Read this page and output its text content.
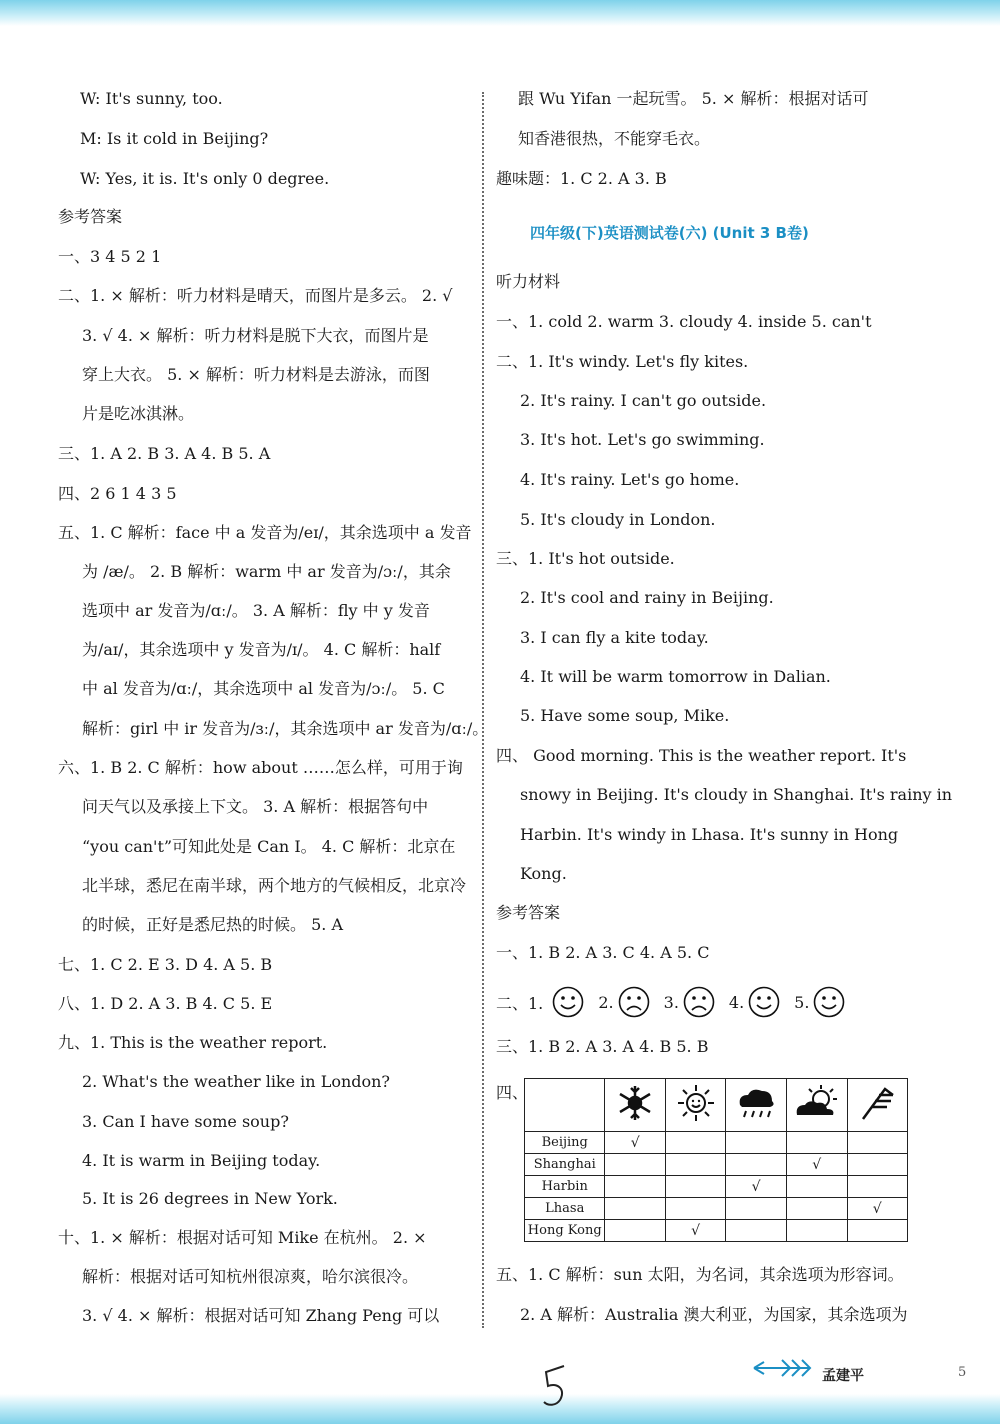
W: It's sunny, too.
M: Is it cold in Beijing?
W: Yes, it is. It's only 0 degree.
参考答案
一、3 4 5 2 1
二、1. × 解析：听力材料是晴天，而图片是多云。 2. √
3. √ 4. × 解析：听力材料是脱下大衣，而图片是
穿上大衣。 5. × 解析：听力材料是去游泳，而图
片是吃冰淇淋。
三、1. A 2. B 3. A 4. B 5. A
四、2 6 1 4 3 5
五、1. C 解析：face 中 a 发音为/eɪ/，其余选项中 a 发音
为 /æ/。 2. B 解析：warm 中 ar 发音为/ɔː/，其余
选项中 ar 发音为/ɑː/。 3. A 解析：fly 中 y 发音
为/aɪ/，其余选项中 y 发音为/ɪ/。 4. C 解析：half
中 al 发音为/ɑː/，其余选项中 al 发音为/ɔː/。 5. C
解析：girl 中 ir 发音为/ɜː/，其余选项中 ar 发音为/ɑː/。
六、1. B 2. C 解析：how about ……怎么样，可用于询
问天气以及承接上下文。 3. A 解析：根据答句中
“you can't”可知此处是 Can I。 4. C 解析：北京在
北半球，悉尼在南半球，两个地方的气候相反，北京冷
的时候，正好是悉尼热的时候。 5. A
七、1. C 2. E 3. D 4. A 5. B
八、1. D 2. A 3. B 4. C 5. E
九、1. This is the weather report.
2. What's the weather like in London?
3. Can I have some soup?
4. It is warm in Beijing today.
5. It is 26 degrees in New York.
十、1. × 解析：根据对话可知 Mike 在杭州。 2. ×
解析：根据对话可知杭州很凉爽，哈尔滨很冷。
3. √ 4. × 解析：根据对话可知 Zhang Peng 可以
四年级(下)英语测试卷(六) (Unit 3 B卷)
二、1.	2.	3.	4.	5.
跟 Wu Yifan 一起玩雪。 5. × 解析：根据对话可
知香港很热，不能穿毛衣。
趣味题：1. C 2. A 3. B
听力材料
一、1. cold 2. warm 3. cloudy 4. inside 5. can't
二、1. It's windy. Let's fly kites.
2. It's rainy. I can't go outside.
3. It's hot. Let's go swimming.
4. It's rainy. Let's go home.
5. It's cloudy in London.
三、1. It's hot outside.
2. It's cool and rainy in Beijing.
3. I can fly a kite today.
4. It will be warm tomorrow in Dalian.
5. Have some soup, Mike.
四、 Good morning. This is the weather report. It's
snowy in Beijing. It's cloudy in Shanghai. It's rainy in
Harbin. It's windy in Lhasa. It's sunny in Hong
Kong.
参考答案
一、1. B 2. A 3. C 4. A 5. C
三、1. B 2. A 3. A 4. B 5. B
五、1. C 解析：sun 太阳，为名词，其余选项为形容词。
2. A 解析：Australia 澳大利亚，为国家，其余选项为
四、

Beijing	√				
Shanghai				√	
Harbin			√		
Lhasa					√
Hong Kong		√			
孟建平	5
